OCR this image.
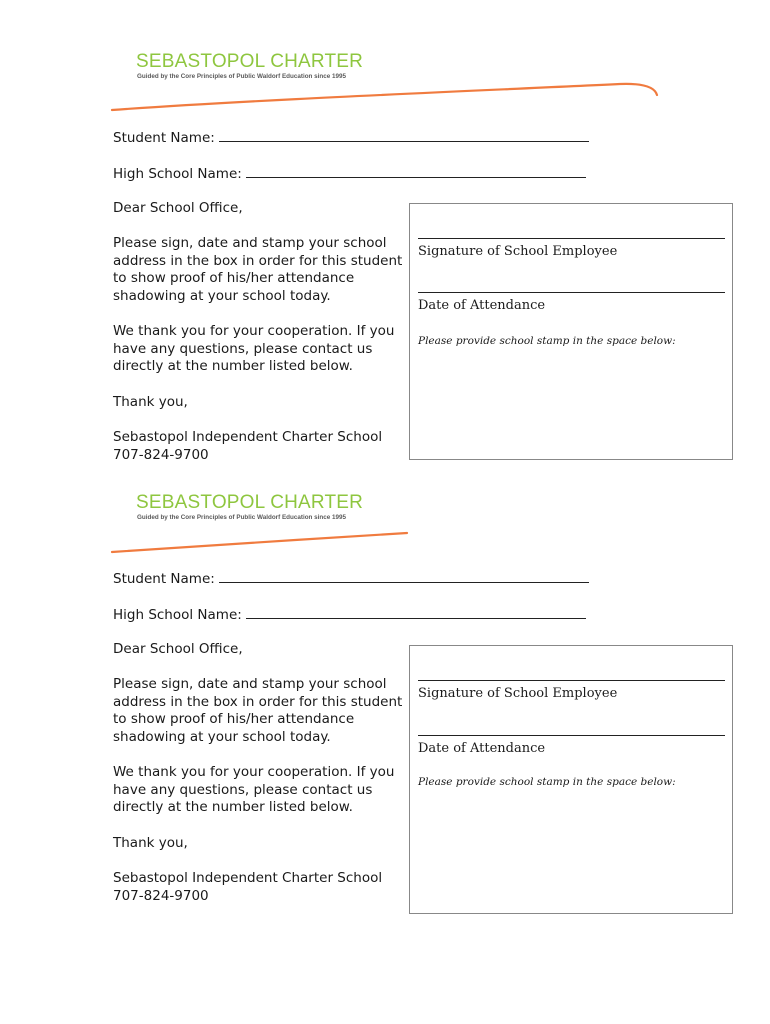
SEBASTOPOL CHARTER
Guided by the Core Principles of Public Waldorf Education since 1995
Student Name:
High School Name:
Dear School Office,
Please sign, date and stamp your school address in the box in order for this student to show proof of his/her attendance shadowing at your school today.
We thank you for your cooperation. If you have any questions, please contact us directly at the number listed below.
Thank you,
Sebastopol Independent Charter School
707-824-9700
Signature of School Employee
Date of Attendance
Please provide school stamp in the space below:
SEBASTOPOL CHARTER
Guided by the Core Principles of Public Waldorf Education since 1995
Student Name:
High School Name:
Dear School Office,
Please sign, date and stamp your school address in the box in order for this student to show proof of his/her attendance shadowing at your school today.
We thank you for your cooperation. If you have any questions, please contact us directly at the number listed below.
Thank you,
Sebastopol Independent Charter School
707-824-9700
Signature of School Employee
Date of Attendance
Please provide school stamp in the space below:
